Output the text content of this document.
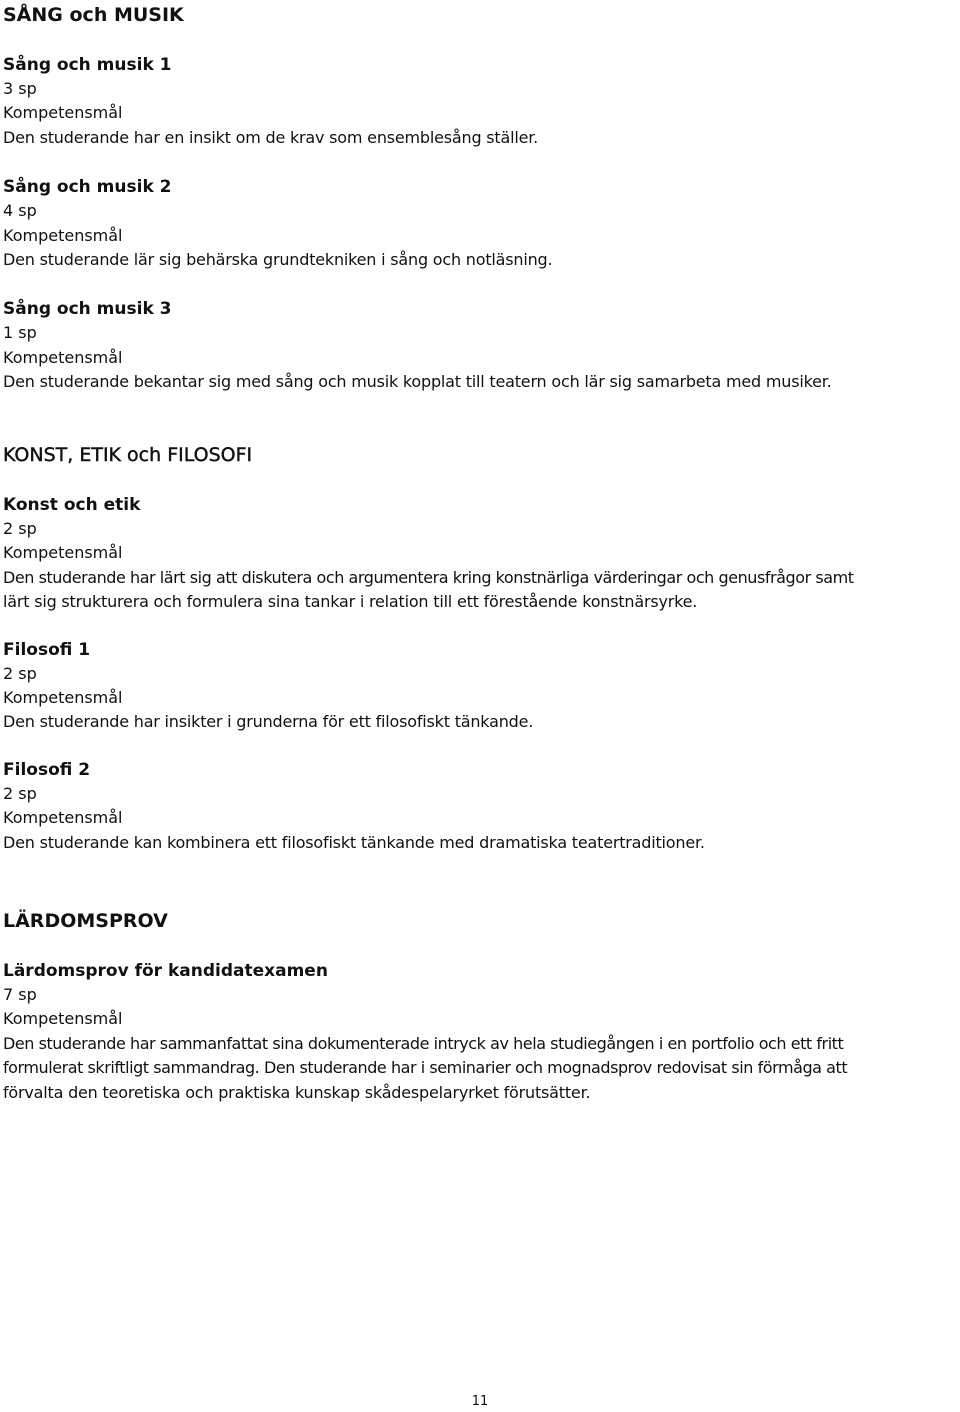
SÅNG och MUSIK
Sång och musik 1
3 sp
Kompetensmål
Den studerande har en insikt om de krav som ensemblesång ställer.
Sång och musik 2
4 sp
Kompetensmål
Den studerande lär sig behärska grundtekniken i sång och notläsning.
Sång och musik 3
1 sp
Kompetensmål
Den studerande bekantar sig med sång och musik kopplat till teatern och lär sig samarbeta med musiker.
KONST, ETIK och FILOSOFI
Konst och etik
2 sp
Kompetensmål
Den studerande har lärt sig att diskutera och argumentera kring konstnärliga värderingar och genusfrågor samt
lärt sig strukturera och formulera sina tankar i relation till ett förestående konstnärsyrke.
Filosofi 1
2 sp
Kompetensmål
Den studerande har insikter i grunderna för ett filosofiskt tänkande.
Filosofi 2
2 sp
Kompetensmål
Den studerande kan kombinera ett filosofiskt tänkande med dramatiska teatertraditioner.
LÄRDOMSPROV
Lärdomsprov för kandidatexamen
7 sp
Kompetensmål
Den studerande har sammanfattat sina dokumenterade intryck av hela studiegången i en portfolio och ett fritt
formulerat skriftligt sammandrag. Den studerande har i seminarier och mognadsprov redovisat sin förmåga att
förvalta den teoretiska och praktiska kunskap skådespelaryrket förutsätter.
11
